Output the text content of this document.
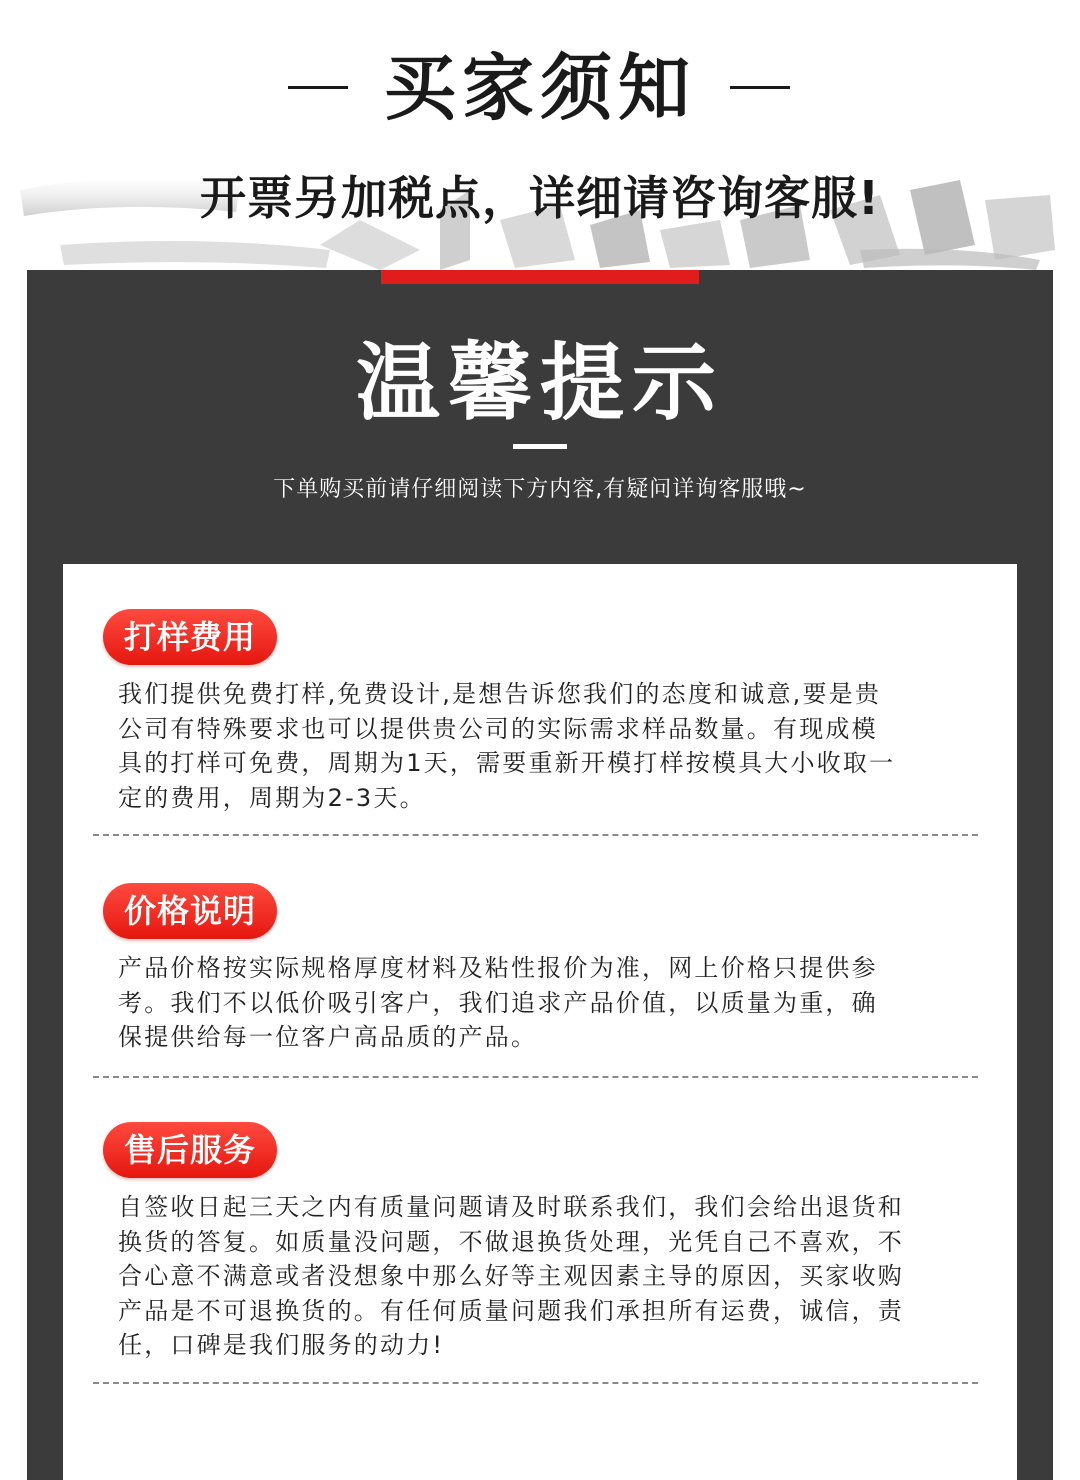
买家须知
开票另加税点，详细请咨询客服!
温馨提示
下单购买前请仔细阅读下方内容,有疑问详询客服哦~
打样费用
我们提供免费打样,免费设计,是想告诉您我们的态度和诚意,要是贵
公司有特殊要求也可以提供贵公司的实际需求样品数量。有现成模
具的打样可免费，周期为1天，需要重新开模打样按模具大小收取一
定的费用，周期为2-3天。
价格说明
产品价格按实际规格厚度材料及粘性报价为准，网上价格只提供参
考。我们不以低价吸引客户，我们追求产品价值，以质量为重，确
保提供给每一位客户高品质的产品。
售后服务
自签收日起三天之内有质量问题请及时联系我们，我们会给出退货和
换货的答复。如质量没问题，不做退换货处理，光凭自己不喜欢，不
合心意不满意或者没想象中那么好等主观因素主导的原因，买家收购
产品是不可退换货的。有任何质量问题我们承担所有运费，诚信，责
任，口碑是我们服务的动力!
